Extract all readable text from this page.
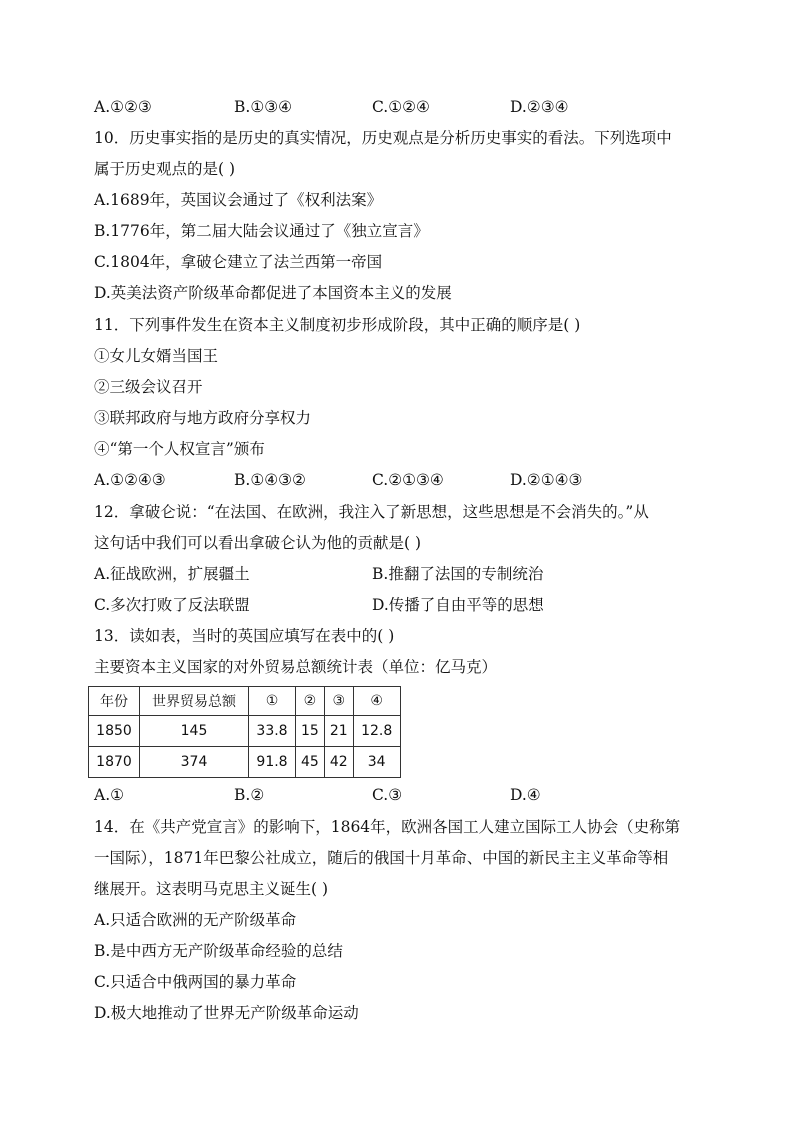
A.①②③	B.①③④	C.①②④	D.②③④
10．历史事实指的是历史的真实情况，历史观点是分析历史事实的看法。下列选项中
属于历史观点的是( )
A.1689年，英国议会通过了《权利法案》
B.1776年，第二届大陆会议通过了《独立宣言》
C.1804年，拿破仑建立了法兰西第一帝国
D.英美法资产阶级革命都促进了本国资本主义的发展
11．下列事件发生在资本主义制度初步形成阶段，其中正确的顺序是( )
①女儿女婿当国王
②三级会议召开
③联邦政府与地方政府分享权力
④“第一个人权宣言”颁布
A.①②④③	B.①④③②	C.②①③④	D.②①④③
12．拿破仑说：“在法国、在欧洲，我注入了新思想，这些思想是不会消失的。”从
这句话中我们可以看出拿破仑认为他的贡献是( )
A.征战欧洲，扩展疆土	B.推翻了法国的专制统治
C.多次打败了反法联盟	D.传播了自由平等的思想
13．读如表，当时的英国应填写在表中的( )
主要资本主义国家的对外贸易总额统计表（单位：亿马克）
年份	世界贸易总额	①	②	③	④
1850	145	33.8	15	21	12.8
1870	374	91.8	45	42	34
A.①	B.②	C.③	D.④
14．在《共产党宣言》的影响下，1864年，欧洲各国工人建立国际工人协会（史称第
一国际），1871年巴黎公社成立，随后的俄国十月革命、中国的新民主主义革命等相
继展开。这表明马克思主义诞生( )
A.只适合欧洲的无产阶级革命
B.是中西方无产阶级革命经验的总结
C.只适合中俄两国的暴力革命
D.极大地推动了世界无产阶级革命运动
